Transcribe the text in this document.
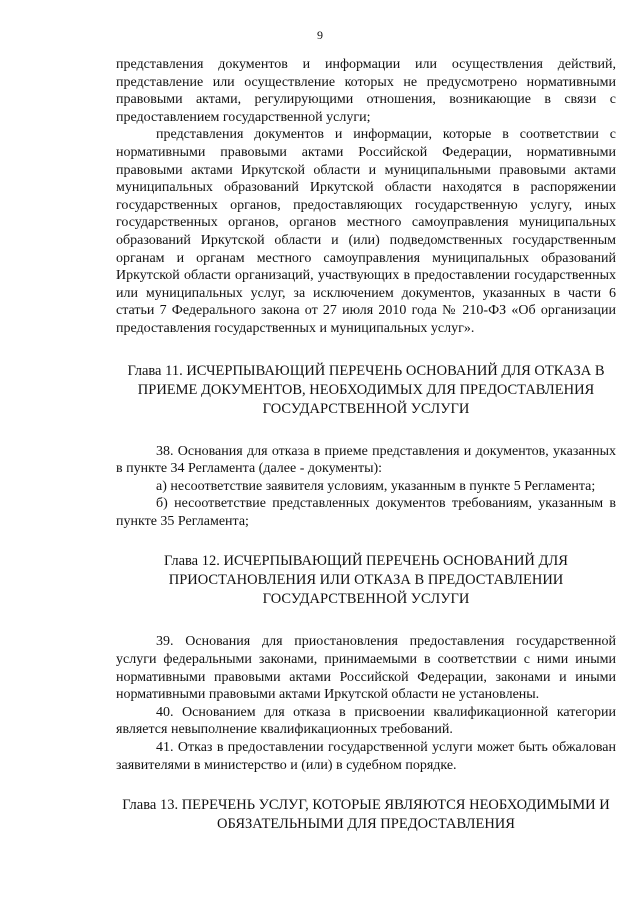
9

представления документов и информации или осуществления действий, представление или осуществление которых не предусмотрено нормативными правовыми актами, регулирующими отношения, возникающие в связи с предоставлением государственной услуги;

представления документов и информации, которые в соответствии с нормативными правовыми актами Российской Федерации, нормативными правовыми актами Иркутской области и муниципальными правовыми актами муниципальных образований Иркутской области находятся в распоряжении государственных органов, предоставляющих государственную услугу, иных государственных органов, органов местного самоуправления муниципальных образований Иркутской области и (или) подведомственных государственным органам и органам местного самоуправления муниципальных образований Иркутской области организаций, участвующих в предоставлении государственных или муниципальных услуг, за исключением документов, указанных в части 6 статьи 7 Федерального закона от 27 июля 2010 года № 210-ФЗ «Об организации предоставления государственных и муниципальных услуг».

Глава 11. ИСЧЕРПЫВАЮЩИЙ ПЕРЕЧЕНЬ ОСНОВАНИЙ ДЛЯ ОТКАЗА В ПРИЕМЕ ДОКУМЕНТОВ, НЕОБХОДИМЫХ ДЛЯ ПРЕДОСТАВЛЕНИЯ ГОСУДАРСТВЕННОЙ УСЛУГИ

38. Основания для отказа в приеме представления и документов, указанных в пункте 34 Регламента (далее - документы):

а) несоответствие заявителя условиям, указанным в пункте 5 Регламента;

б) несоответствие представленных документов требованиям, указанным в пункте 35 Регламента;

Глава 12. ИСЧЕРПЫВАЮЩИЙ ПЕРЕЧЕНЬ ОСНОВАНИЙ ДЛЯ ПРИОСТАНОВЛЕНИЯ ИЛИ ОТКАЗА В ПРЕДОСТАВЛЕНИИ ГОСУДАРСТВЕННОЙ УСЛУГИ

39. Основания для приостановления предоставления государственной услуги федеральными законами, принимаемыми в соответствии с ними иными нормативными правовыми актами Российской Федерации, законами и иными нормативными правовыми актами Иркутской области не установлены.

40. Основанием для отказа в присвоении квалификационной категории является невыполнение квалификационных требований.

41. Отказ в предоставлении государственной услуги может быть обжалован заявителями в министерство и (или) в судебном порядке.

Глава 13. ПЕРЕЧЕНЬ УСЛУГ, КОТОРЫЕ ЯВЛЯЮТСЯ НЕОБХОДИМЫМИ И ОБЯЗАТЕЛЬНЫМИ ДЛЯ ПРЕДОСТАВЛЕНИЯ
